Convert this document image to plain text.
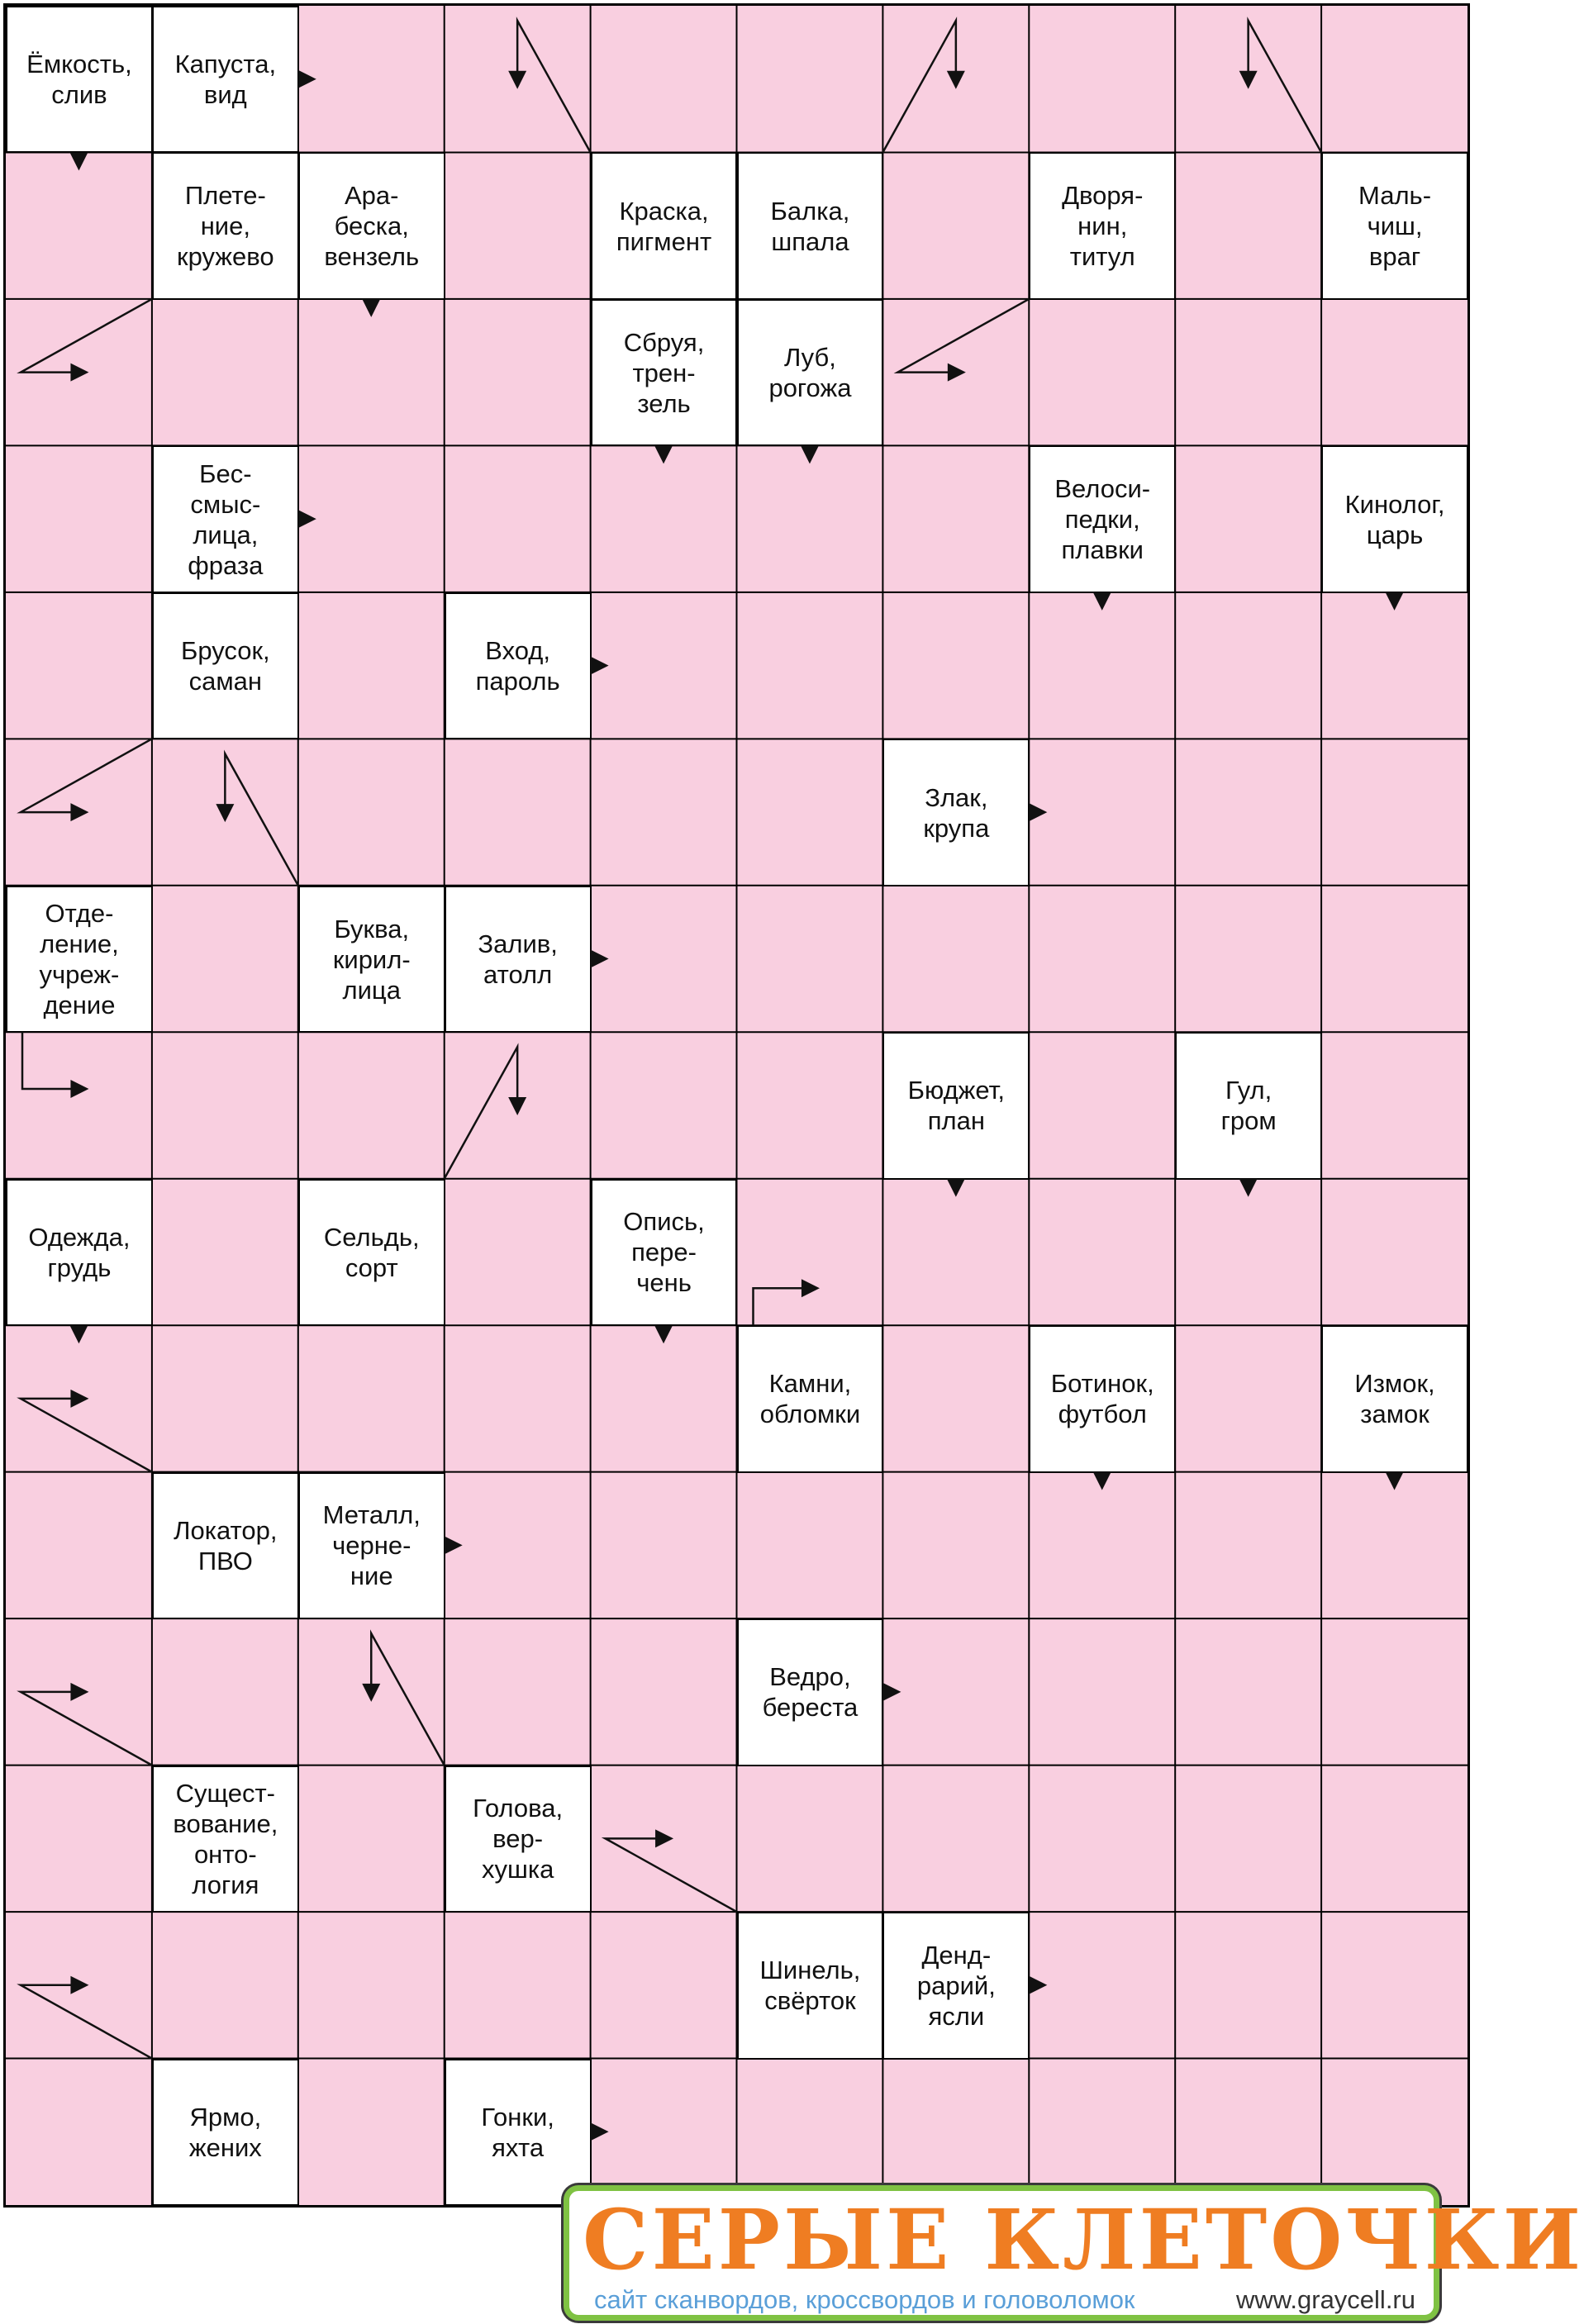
Ёмкость,
слив
Капуста,
вид
Плете-
ние,
кружево
Ара-
беска,
вензель
Краска,
пигмент
Балка,
шпала
Дворя-
нин,
титул
Маль-
чиш,
враг
Сбруя,
трен-
зель
Луб,
рогожа
Бес-
смыс-
лица,
фраза
Велоси-
педки,
плавки
Кинолог,
царь
Брусок,
саман
Вход,
пароль
Злак,
крупа
Отде-
ление,
учреж-
дение
Буква,
кирил-
лица
Залив,
атолл
Бюджет,
план
Гул,
гром
Одежда,
грудь
Сельдь,
сорт
Опись,
пере-
чень
Камни,
обломки
Ботинок,
футбол
Измок,
замок
Локатор,
ПВО
Металл,
черне-
ние
Ведро,
береста
Сущест-
вование,
онто-
логия
Голова,
вер-
хушка
Шинель,
свёрток
Денд-
рарий,
ясли
Ярмо,
жених
Гонки,
яхта
СЕРЫЕ КЛЕТОЧКИ
сайт сканвордов, кроссвордов и головоломок	www.graycell.ru
